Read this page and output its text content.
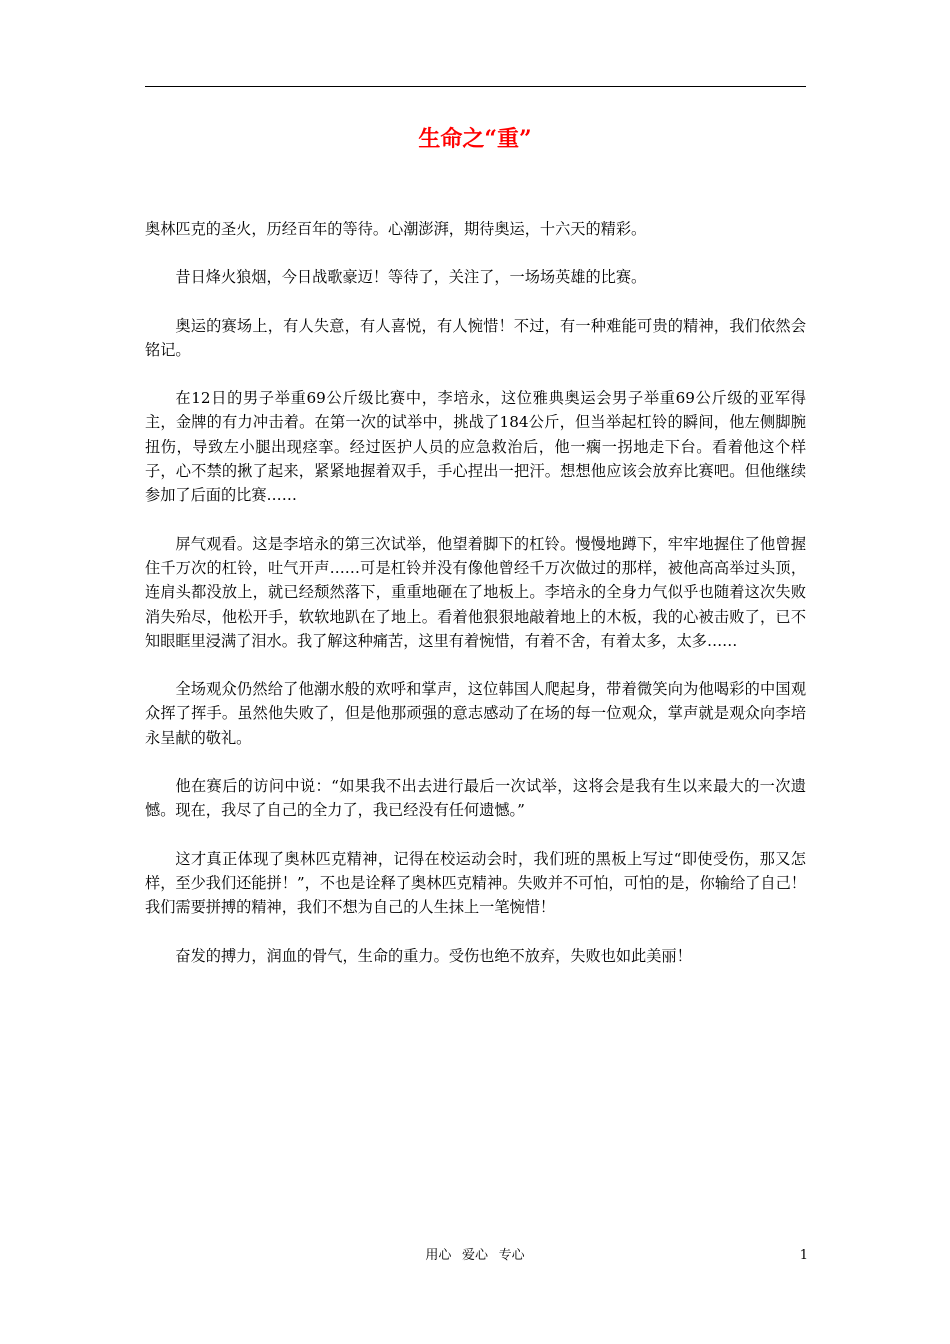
生命之“重”

奥林匹克的圣火，历经百年的等待。心潮澎湃，期待奥运，十六天的精彩。

昔日烽火狼烟，今日战歌豪迈！等待了，关注了，一场场英雄的比赛。

奥运的赛场上，有人失意，有人喜悦，有人惋惜！不过，有一种难能可贵的精神，我们依然会铭记。

在12日的男子举重69公斤级比赛中，李培永，这位雅典奥运会男子举重69公斤级的亚军得主，金牌的有力冲击着。在第一次的试举中，挑战了184公斤，但当举起杠铃的瞬间，他左侧脚腕扭伤，导致左小腿出现痉挛。经过医护人员的应急救治后，他一瘸一拐地走下台。看着他这个样子，心不禁的揪了起来，紧紧地握着双手，手心捏出一把汗。想想他应该会放弃比赛吧。但他继续参加了后面的比赛……

屏气观看。这是李培永的第三次试举，他望着脚下的杠铃。慢慢地蹲下，牢牢地握住了他曾握住千万次的杠铃，吐气开声……可是杠铃并没有像他曾经千万次做过的那样，被他高高举过头顶，连肩头都没放上，就已经颓然落下，重重地砸在了地板上。李培永的全身力气似乎也随着这次失败消失殆尽，他松开手，软软地趴在了地上。看着他狠狠地敲着地上的木板，我的心被击败了，已不知眼眶里浸满了泪水。我了解这种痛苦，这里有着惋惜，有着不舍，有着太多，太多……

全场观众仍然给了他潮水般的欢呼和掌声，这位韩国人爬起身，带着微笑向为他喝彩的中国观众挥了挥手。虽然他失败了，但是他那顽强的意志感动了在场的每一位观众，掌声就是观众向李培永呈献的敬礼。

他在赛后的访问中说：“如果我不出去进行最后一次试举，这将会是我有生以来最大的一次遗憾。现在，我尽了自己的全力了，我已经没有任何遗憾。”

这才真正体现了奥林匹克精神，记得在校运动会时，我们班的黑板上写过“即使受伤，那又怎样，至少我们还能拼！”，不也是诠释了奥林匹克精神。失败并不可怕，可怕的是，你输给了自己！我们需要拼搏的精神，我们不想为自己的人生抹上一笔惋惜！

奋发的搏力，润血的骨气，生命的重力。受伤也绝不放弃，失败也如此美丽！

用心 爱心 专心	1
